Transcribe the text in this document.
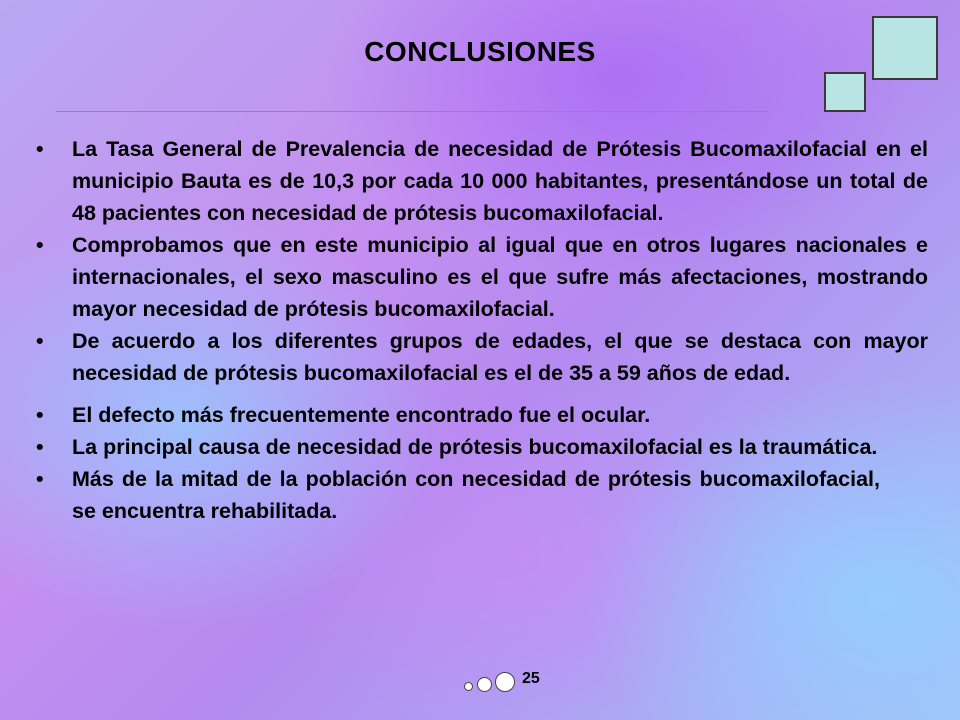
CONCLUSIONES
• La Tasa General de Prevalencia de necesidad de Prótesis Bucomaxilofacial en el municipio Bauta es de 10,3 por cada 10 000 habitantes, presentándose un total de 48 pacientes con necesidad de prótesis bucomaxilofacial.
• Comprobamos que en este municipio al igual que en otros lugares nacionales e internacionales, el sexo masculino es el que sufre más afectaciones, mostrando mayor necesidad de prótesis bucomaxilofacial.
• De acuerdo a los diferentes grupos de edades, el que se destaca con mayor necesidad de prótesis bucomaxilofacial es el de 35 a 59 años de edad.
• El defecto más frecuentemente encontrado fue el ocular.
• La principal causa de necesidad de prótesis bucomaxilofacial es la traumática.
• Más de la mitad de la población con necesidad de prótesis bucomaxilofacial, se encuentra rehabilitada.
25
